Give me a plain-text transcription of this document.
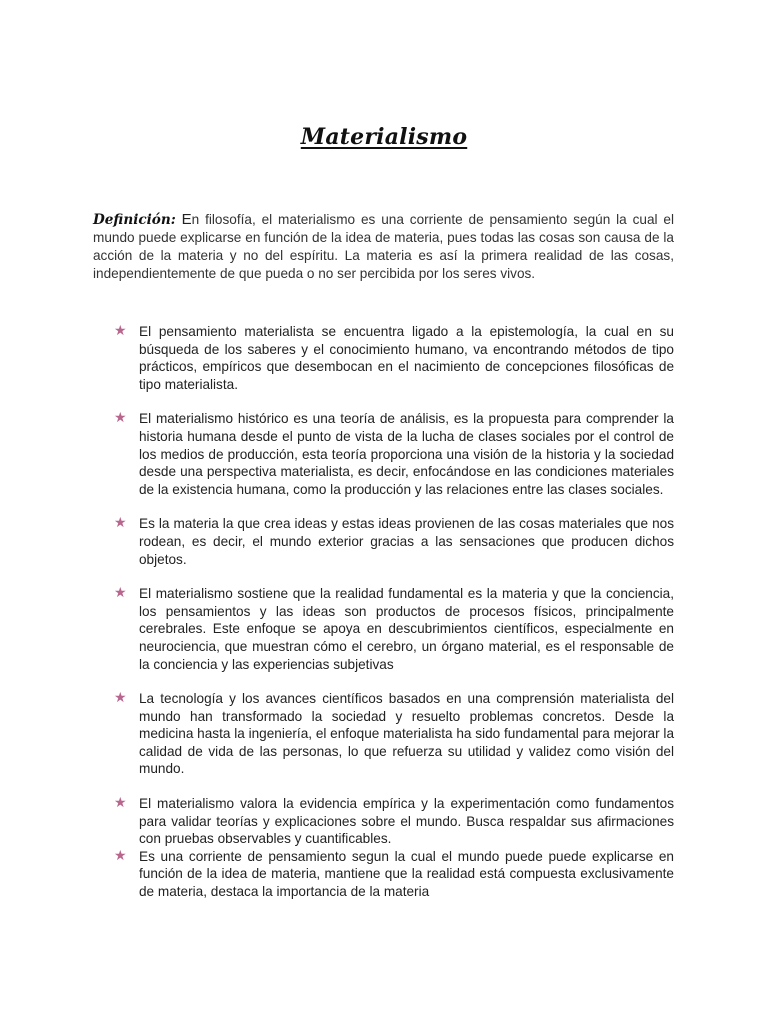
Materialismo

Definición: En filosofía, el materialismo es una corriente de pensamiento según la cual el mundo puede explicarse en función de la idea de materia, pues todas las cosas son causa de la acción de la materia y no del espíritu. La materia es así la primera realidad de las cosas, independientemente de que pueda o no ser percibida por los seres vivos.

★ El pensamiento materialista se encuentra ligado a la epistemología, la cual en su búsqueda de los saberes y el conocimiento humano, va encontrando métodos de tipo prácticos, empíricos que desembocan en el nacimiento de concepciones filosóficas de tipo materialista.
★ El materialismo histórico es una teoría de análisis, es la propuesta para comprender la historia humana desde el punto de vista de la lucha de clases sociales por el control de los medios de producción, esta teoría proporciona una visión de la historia y la sociedad desde una perspectiva materialista, es decir, enfocándose en las condiciones materiales de la existencia humana, como la producción y las relaciones entre las clases sociales.
★ Es la materia la que crea ideas y estas ideas provienen de las cosas materiales que nos rodean, es decir, el mundo exterior gracias a las sensaciones que producen dichos objetos.
★ El materialismo sostiene que la realidad fundamental es la materia y que la conciencia, los pensamientos y las ideas son productos de procesos físicos, principalmente cerebrales. Este enfoque se apoya en descubrimientos científicos, especialmente en neurociencia, que muestran cómo el cerebro, un órgano material, es el responsable de la conciencia y las experiencias subjetivas
★ La tecnología y los avances científicos basados en una comprensión materialista del mundo han transformado la sociedad y resuelto problemas concretos. Desde la medicina hasta la ingeniería, el enfoque materialista ha sido fundamental para mejorar la calidad de vida de las personas, lo que refuerza su utilidad y validez como visión del mundo.
★ El materialismo valora la evidencia empírica y la experimentación como fundamentos para validar teorías y explicaciones sobre el mundo. Busca respaldar sus afirmaciones con pruebas observables y cuantificables.
★ Es una corriente de pensamiento segun la cual el mundo puede puede explicarse en función de la idea de materia, mantiene que la realidad está compuesta exclusivamente de materia, destaca la importancia de la materia
